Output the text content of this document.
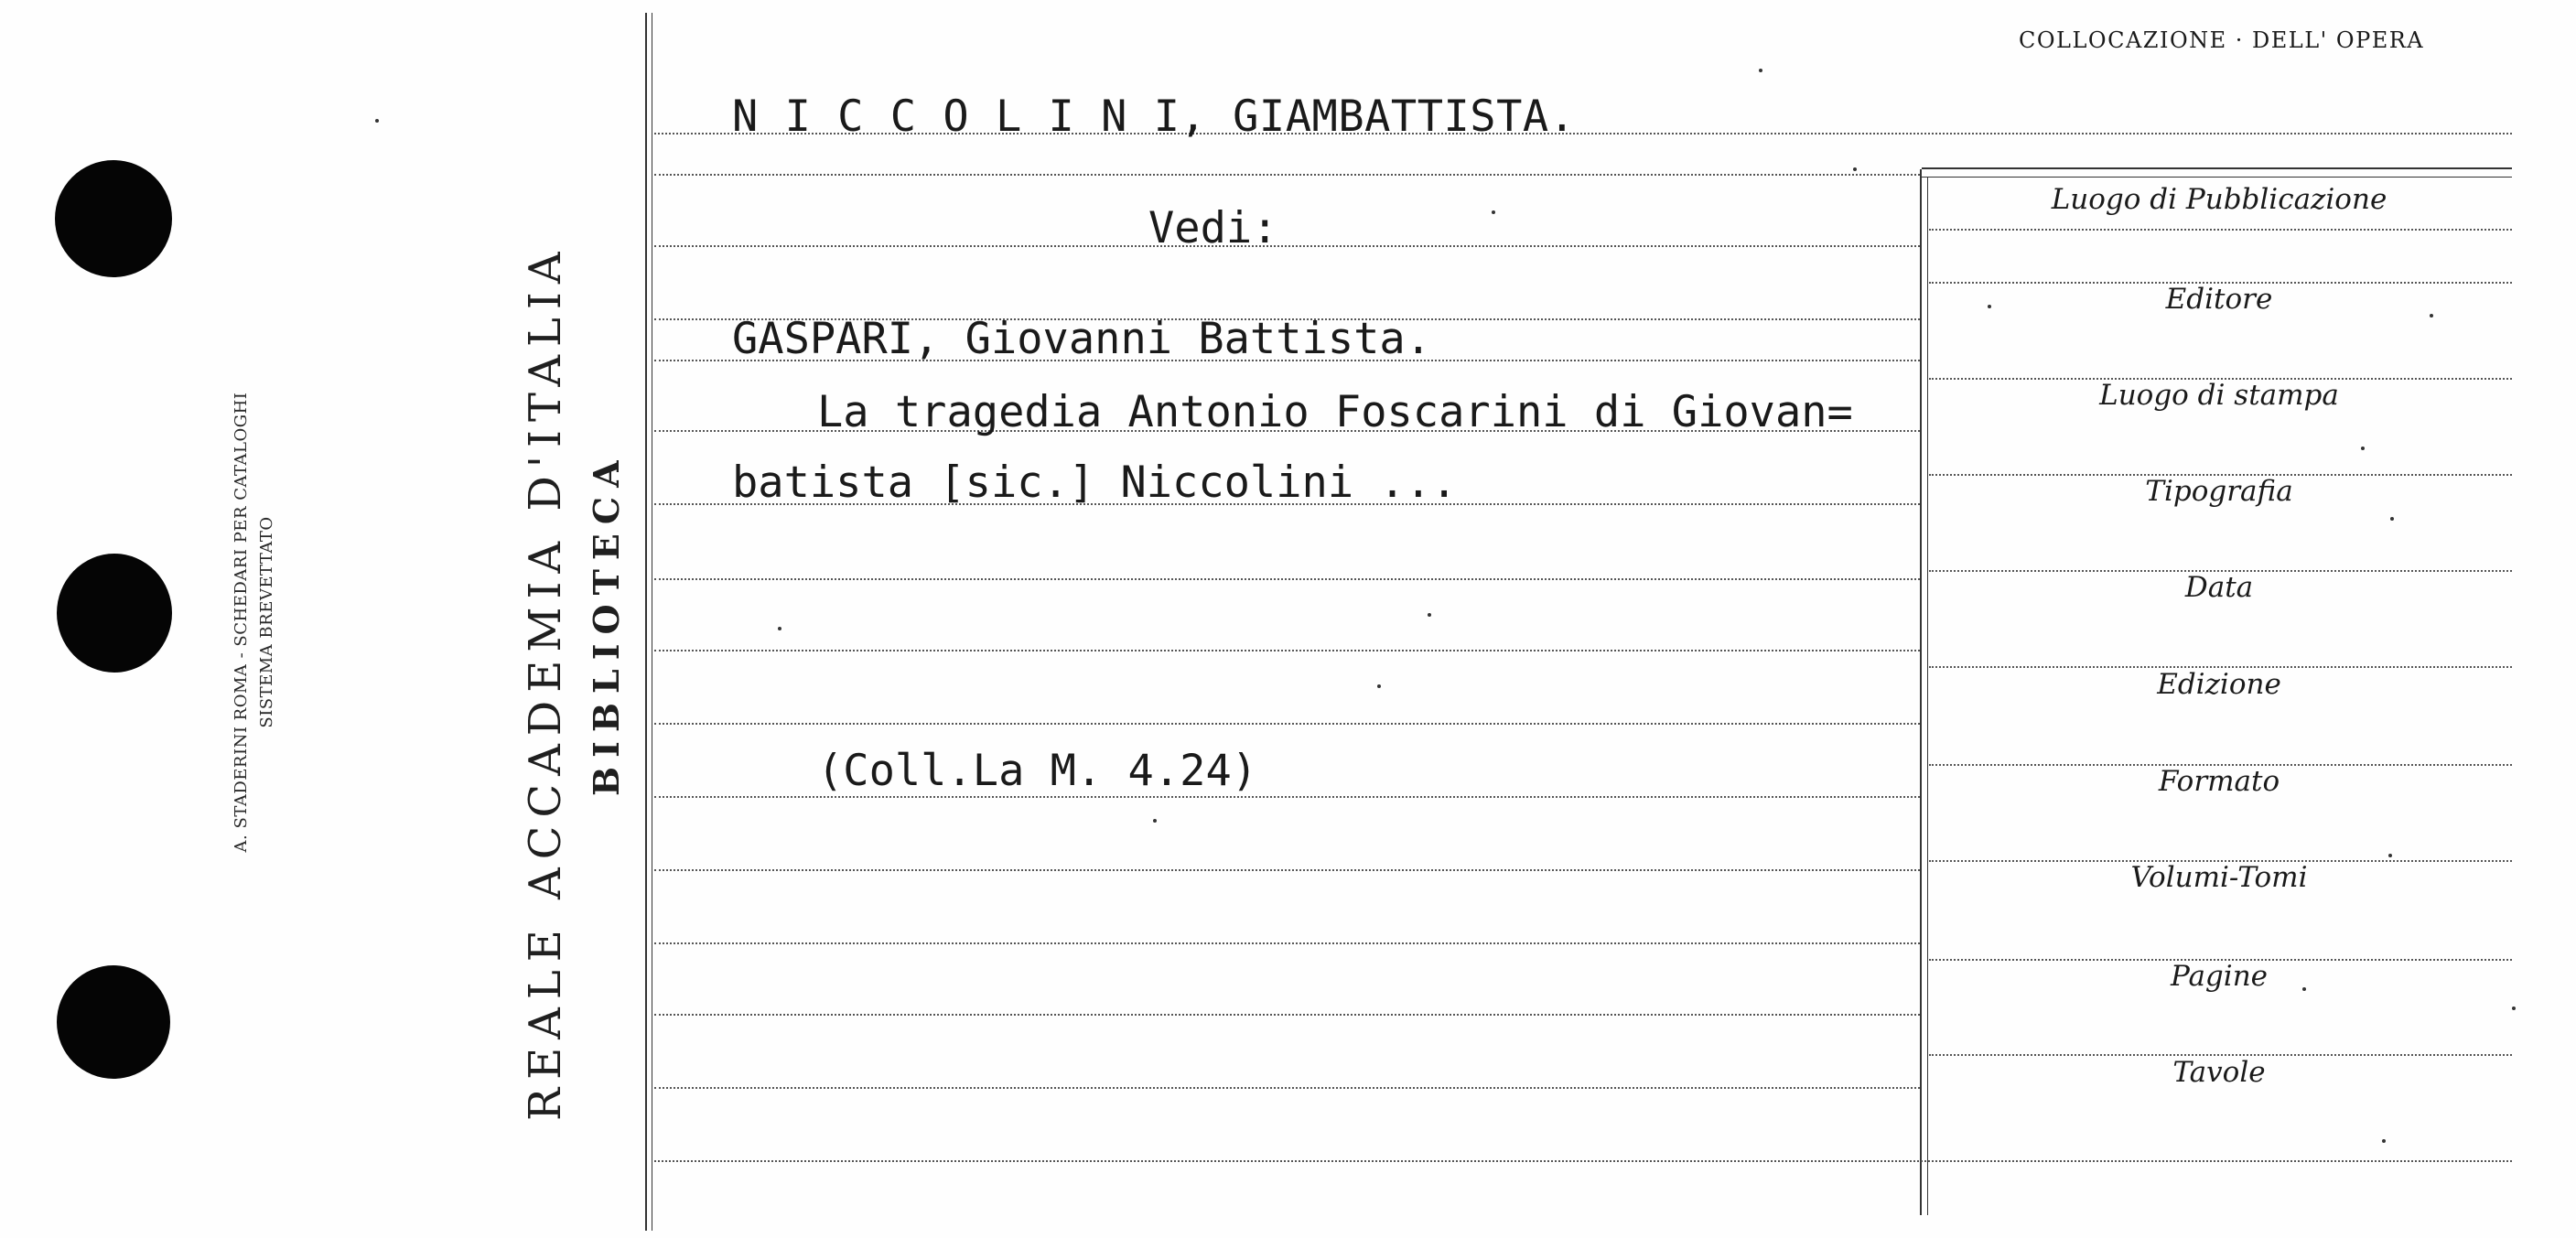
A. STADERINI ROMA - SCHEDARI PER CATALOGHI SISTEMA BREVETTATO	REALE ACCADEMIA D'ITALIA BIBLIOTECA
COLLOCAZIONE · DELL' OPERA
N I C C O L I N I, GIAMBATTISTA.
Vedi:
GASPARI, Giovanni Battista.
La tragedia Antonio Foscarini di Giovan=
batista [sic.] Niccolini ...
(Coll.La M. 4.24)
Luogo di Pubblicazione
Editore
Luogo di stampa
Tipografia
Data
Edizione
Formato
Volumi-Tomi
Pagine
Tavole
